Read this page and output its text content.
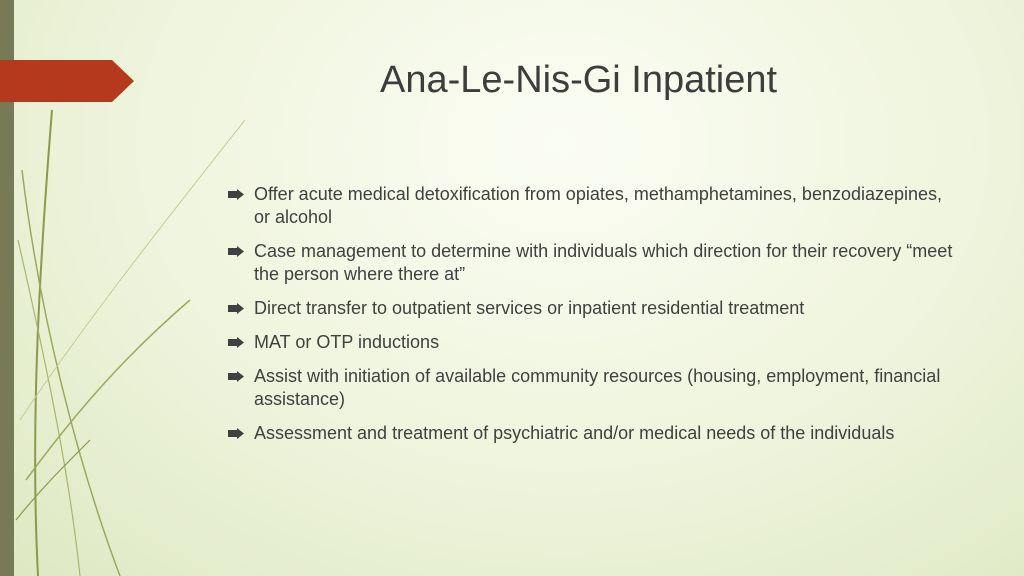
Ana-Le-Nis-Gi Inpatient
Offer acute medical detoxification from opiates, methamphetamines, benzodiazepines, or alcohol
Case management to determine with individuals which direction for their recovery “meet the person where there at”
Direct transfer to outpatient services or inpatient residential treatment
MAT or OTP inductions
Assist with initiation of available community resources (housing, employment, financial assistance)
Assessment and treatment of psychiatric and/or medical needs of the individuals
